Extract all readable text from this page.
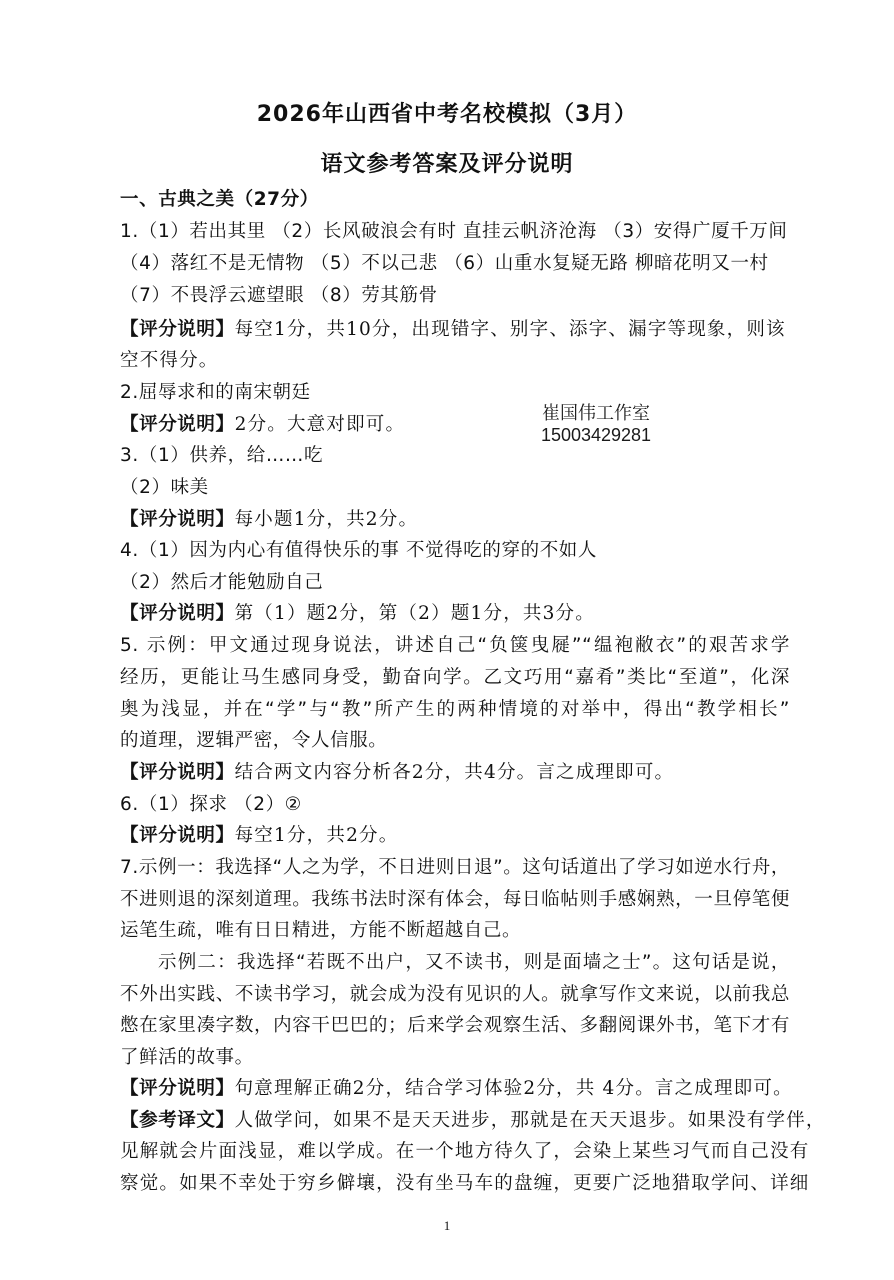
2026年山西省中考名校模拟（3月）
语文参考答案及评分说明
一、古典之美（27分）
1.（1）若出其里 （2）长风破浪会有时 直挂云帆济沧海 （3）安得广厦千万间
（4）落红不是无情物 （5）不以己悲 （6）山重水复疑无路 柳暗花明又一村
（7）不畏浮云遮望眼 （8）劳其筋骨
【评分说明】每空1分，共10分，出现错字、别字、添字、漏字等现象，则该
空不得分。
2.屈辱求和的南宋朝廷
【评分说明】2分。大意对即可。
崔国伟工作室
15003429281
3.（1）供养，给……吃
（2）味美
【评分说明】每小题1分，共2分。
4.（1）因为内心有值得快乐的事 不觉得吃的穿的不如人
（2）然后才能勉励自己
【评分说明】第（1）题2分，第（2）题1分，共3分。
5. 示例：甲文通过现身说法，讲述自己“负箧曳屣”“缊袍敝衣”的艰苦求学
经历，更能让马生感同身受，勤奋向学。乙文巧用“嘉肴”类比“至道”，化深
奥为浅显，并在“学”与“教”所产生的两种情境的对举中，得出“教学相长”
的道理，逻辑严密，令人信服。
【评分说明】结合两文内容分析各2分，共4分。言之成理即可。
6.（1）探求 （2）②
【评分说明】每空1分，共2分。
7.示例一：我选择“人之为学，不日进则日退”。这句话道出了学习如逆水行舟，
不进则退的深刻道理。我练书法时深有体会，每日临帖则手感娴熟，一旦停笔便
运笔生疏，唯有日日精进，方能不断超越自己。
示例二：我选择“若既不出户，又不读书，则是面墙之士”。这句话是说，
不外出实践、不读书学习，就会成为没有见识的人。就拿写作文来说，以前我总
憋在家里凑字数，内容干巴巴的；后来学会观察生活、多翻阅课外书，笔下才有
了鲜活的故事。
【评分说明】句意理解正确2分，结合学习体验2分，共 4分。言之成理即可。
【参考译文】人做学问，如果不是天天进步，那就是在天天退步。如果没有学伴，
见解就会片面浅显，难以学成。在一个地方待久了，会染上某些习气而自己没有
察觉。如果不幸处于穷乡僻壤，没有坐马车的盘缠，更要广泛地猎取学问、详细
1
